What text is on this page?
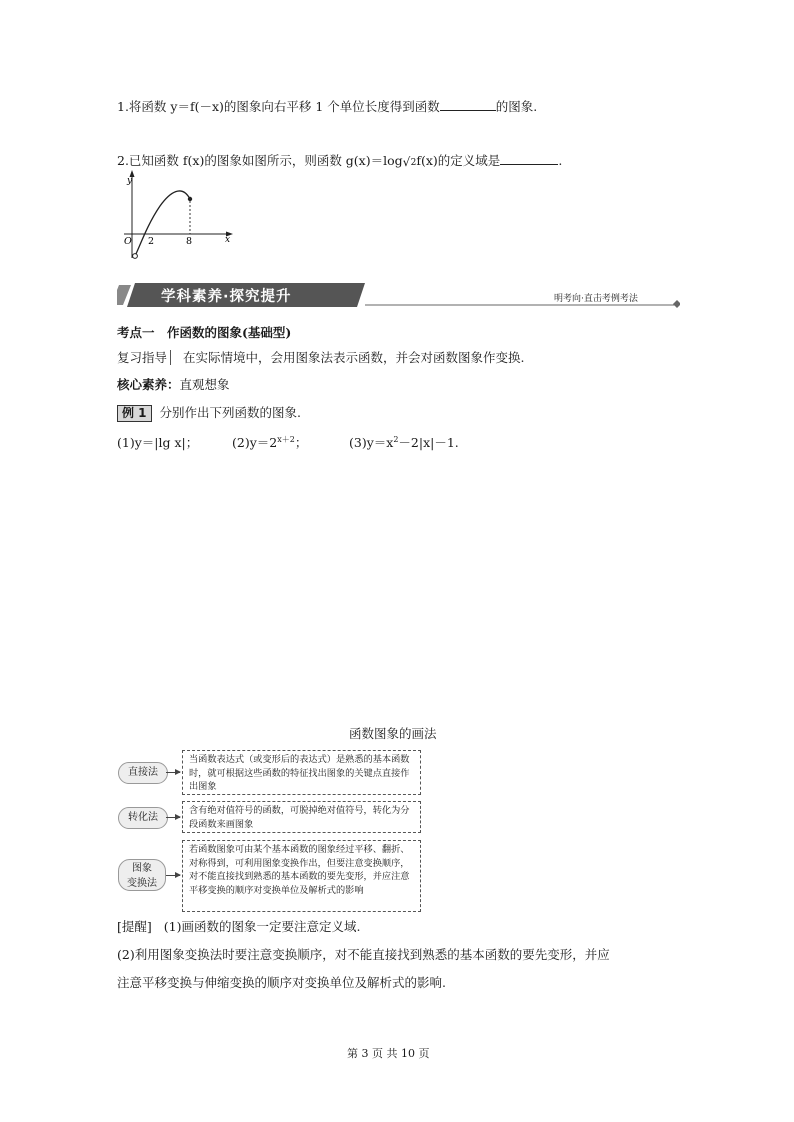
1.将函数 y＝f(－x)的图象向右平移 1 个单位长度得到函数	的图象.
2.已知函数 f(x)的图象如图所示，则函数 g(x)＝log√ 2f(x)的定义域是	.
y
x
O 2	8
学科素养·探究提升	明考向·直击考例考法
考点一　作函数的图象(基础型)
复习指导 在实际情境中，会用图象法表示函数，并会对函数图象作变换.
核心素养：直观想象
例 1 分别作出下列函数的图象.
(1)y＝|lg x|；	$(2)y=2^{x+2}$；	$(3)y=x^2-2|x|-1$.
函数图象的画法
直接法
当函数表达式（或变形后的表达式）是熟悉的基本函数时，就可根据这些函数的特征找出图象的关键点直接作出图象
转化法
含有绝对值符号的函数，可脱掉绝对值符号，转化为分段函数来画图象
图象
变换法
若函数图象可由某个基本函数的图象经过平移、翻折、对称得到，可利用图象变换作出，但要注意变换顺序，对不能直接找到熟悉的基本函数的要先变形，并应注意平移变换的顺序对变换单位及解析式的影响
[提醒] (1)画函数的图象一定要注意定义域.
(2)利用图象变换法时要注意变换顺序，对不能直接找到熟悉的基本函数的要先变形，并应
注意平移变换与伸缩变换的顺序对变换单位及解析式的影响.
第 3 页 共 10 页
